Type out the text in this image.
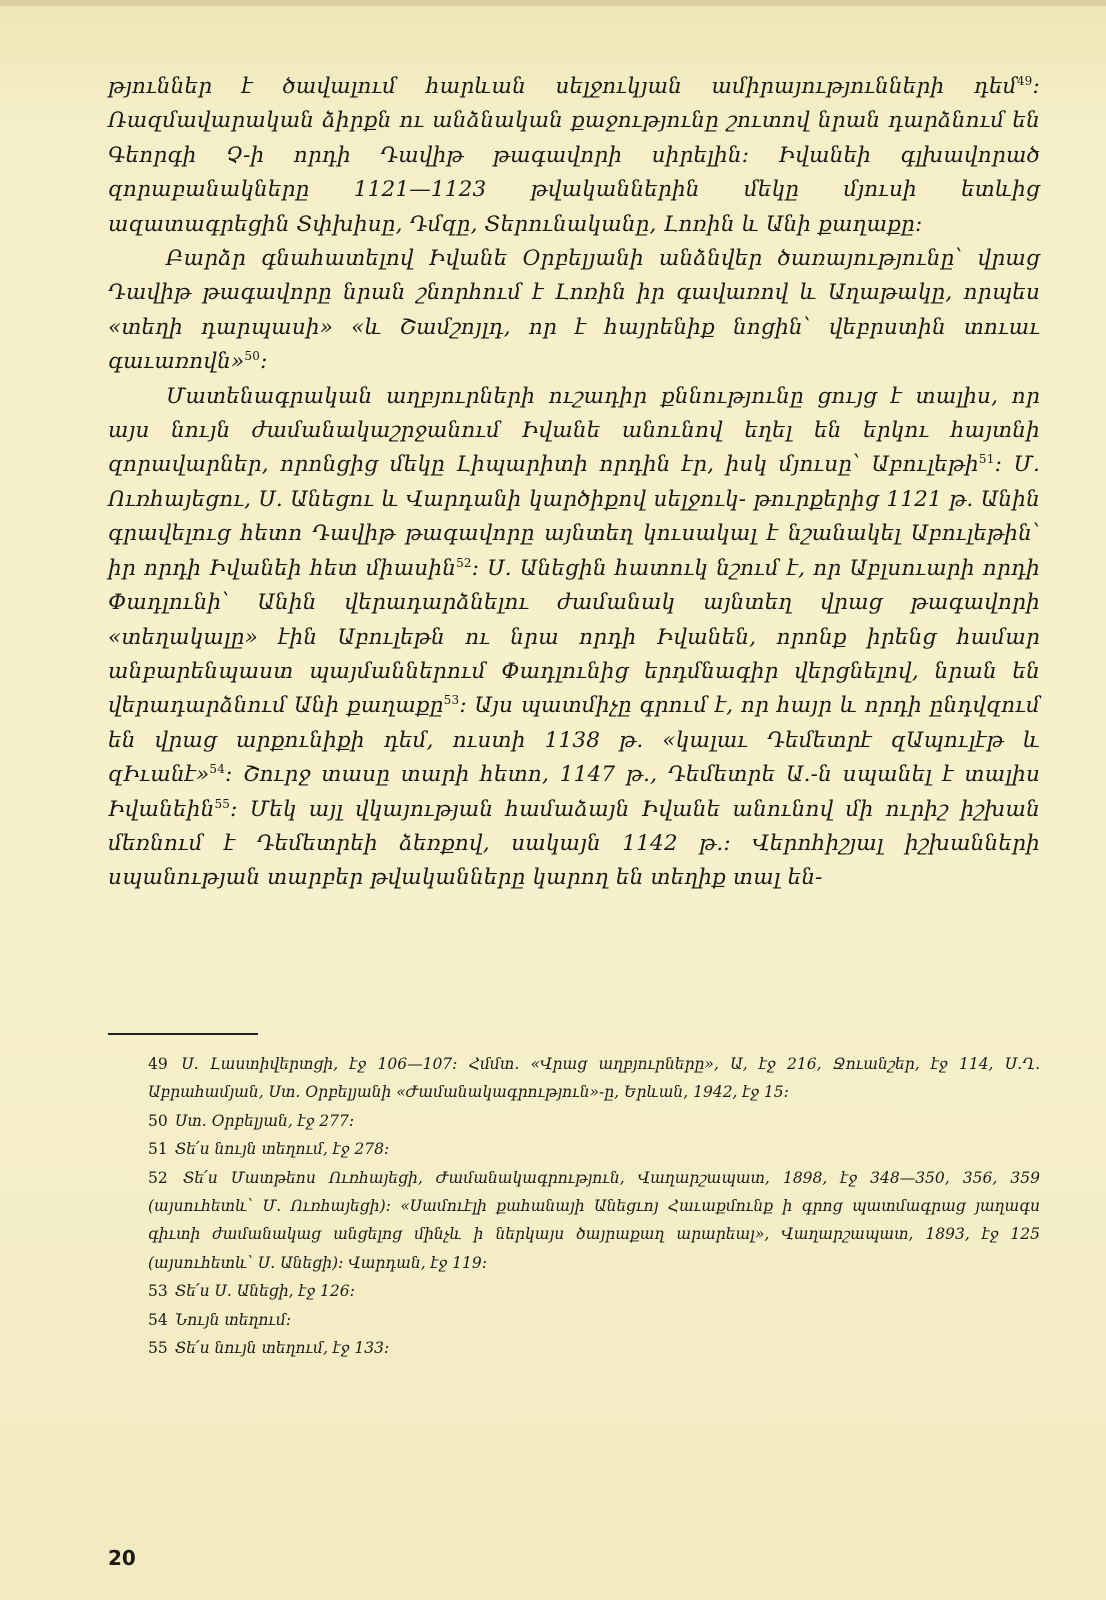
թյուններ է ծավալում հարևան սելջուկյան ամիրայությունների դեմ$^{49}$։ Ռազմավարական ձիրքն ու անձնական քաջությունը շուտով նրան դարձնում են Գեորգի Չ-ի որդի Դավիթ թագավորի սիրելին։ Իվանեի գլխավորած զորաբանակները 1121—1123 թվականներին մեկը մյուսի ետևից ազատագրեցին Տփխիսը, Դմզը, Տերունականը, Լոռին և Անի քաղաքը։

Բարձր գնահատելով Իվանե Օրբելյանի անձնվեր ծառայությունը՝ վրաց Դավիթ թագավորը նրան շնորհում է Լոռին իր գավառով և Աղաթակը, որպես «տեղի դարպասի» «և Շամշոյլդ, որ է հայրենիք նոցին՝ վեբրստին տուաւ գաւառովն»$^{50}$։

Մատենագրական աղբյուրների ուշադիր քննությունը ցույց է տալիս, որ այս նույն ժամանակաշրջանում Իվանե անունով եղել են երկու հայտնի զորավարներ, որոնցից մեկը Լիպարիտի որդին էր, իսկ մյուսը՝ Աբուլեթի$^{51}$։ Մ. Ուռհայեցու, Ս. Անեցու և Վարդանի կարծիքով սելջուկ- թուրքերից 1121 թ. Անին գրավելուց հետո Դավիթ թագավորը այնտեղ կուսակալ է նշանակել Աբուլեթին՝ իր որդի Իվանեի հետ միասին$^{52}$։ Ս. Անեցին հատուկ նշում է, որ Աբլսուարի որդի Փադլունի՝ Անին վերադարձնելու ժամանակ այնտեղ վրաց թագավորի «տեղակալը» էին Աբուլեթն ու նրա որդի Իվանեն, որոնք իրենց համար անբարենպաստ պայմաններում Փադլունից երդմնագիր վերցնելով, նրան են վերադարձնում Անի քաղաքը$^{53}$։ Այս պատմիչը գրում է, որ հայր և որդի ընդվզում են վրաց արքունիքի դեմ, ուստի 1138 թ. «կալաւ Դեմետրէ զԱպուլէթ և զԻւանէ»$^{54}$։ Շուրջ տասը տարի հետո, 1147 թ., Դեմետրե Ա.-ն սպանել է տալիս Իվանեին$^{55}$։ Մեկ այլ վկայության համաձայն Իվանե անունով մի ուրիշ իշխան մեռնում է Դեմետրեի ձեռքով, սակայն 1142 թ.։ Վերոհիշյալ իշխանների սպանության տարբեր թվականները կարող են տեղիք տալ են-

49 Ս. Լաստիվերտցի, էջ 106—107։ Հմմտ. «Վրաց աղբյուրները», Ա, էջ 216, Ջուանշեր, էջ 114, Ս.Ղ. Աբրահամյան, Ստ. Օրբելյանի «Ժամանակագրություն»-ը, Երևան, 1942, էջ 15։

50 Ստ. Օրբելյան, էջ 277։

51 Տե՛ս նույն տեղում, էջ 278։

52 Տե՛ս Մատթեոս Ուռհայեցի, Ժամանակագրություն, Վաղարշապատ, 1898, էջ 348—350, 356, 359 (այսուհետև՝ Մ. Ուռհայեցի)։ «Սամուէլի քահանայի Անեցւոյ Հաւաքմունք ի գրոց պատմագրաց յաղագս գիւտի ժամանակաց անցելոց մինչև ի ներկայս ծայրաքաղ արարեալ», Վաղարշապատ, 1893, էջ 125 (այսուհետև՝ Ս. Անեցի)։ Վարդան, էջ 119։

53 Տե՛ս Ս. Անեցի, էջ 126։

54 Նույն տեղում։

55 Տե՛ս նույն տեղում, էջ 133։

20
